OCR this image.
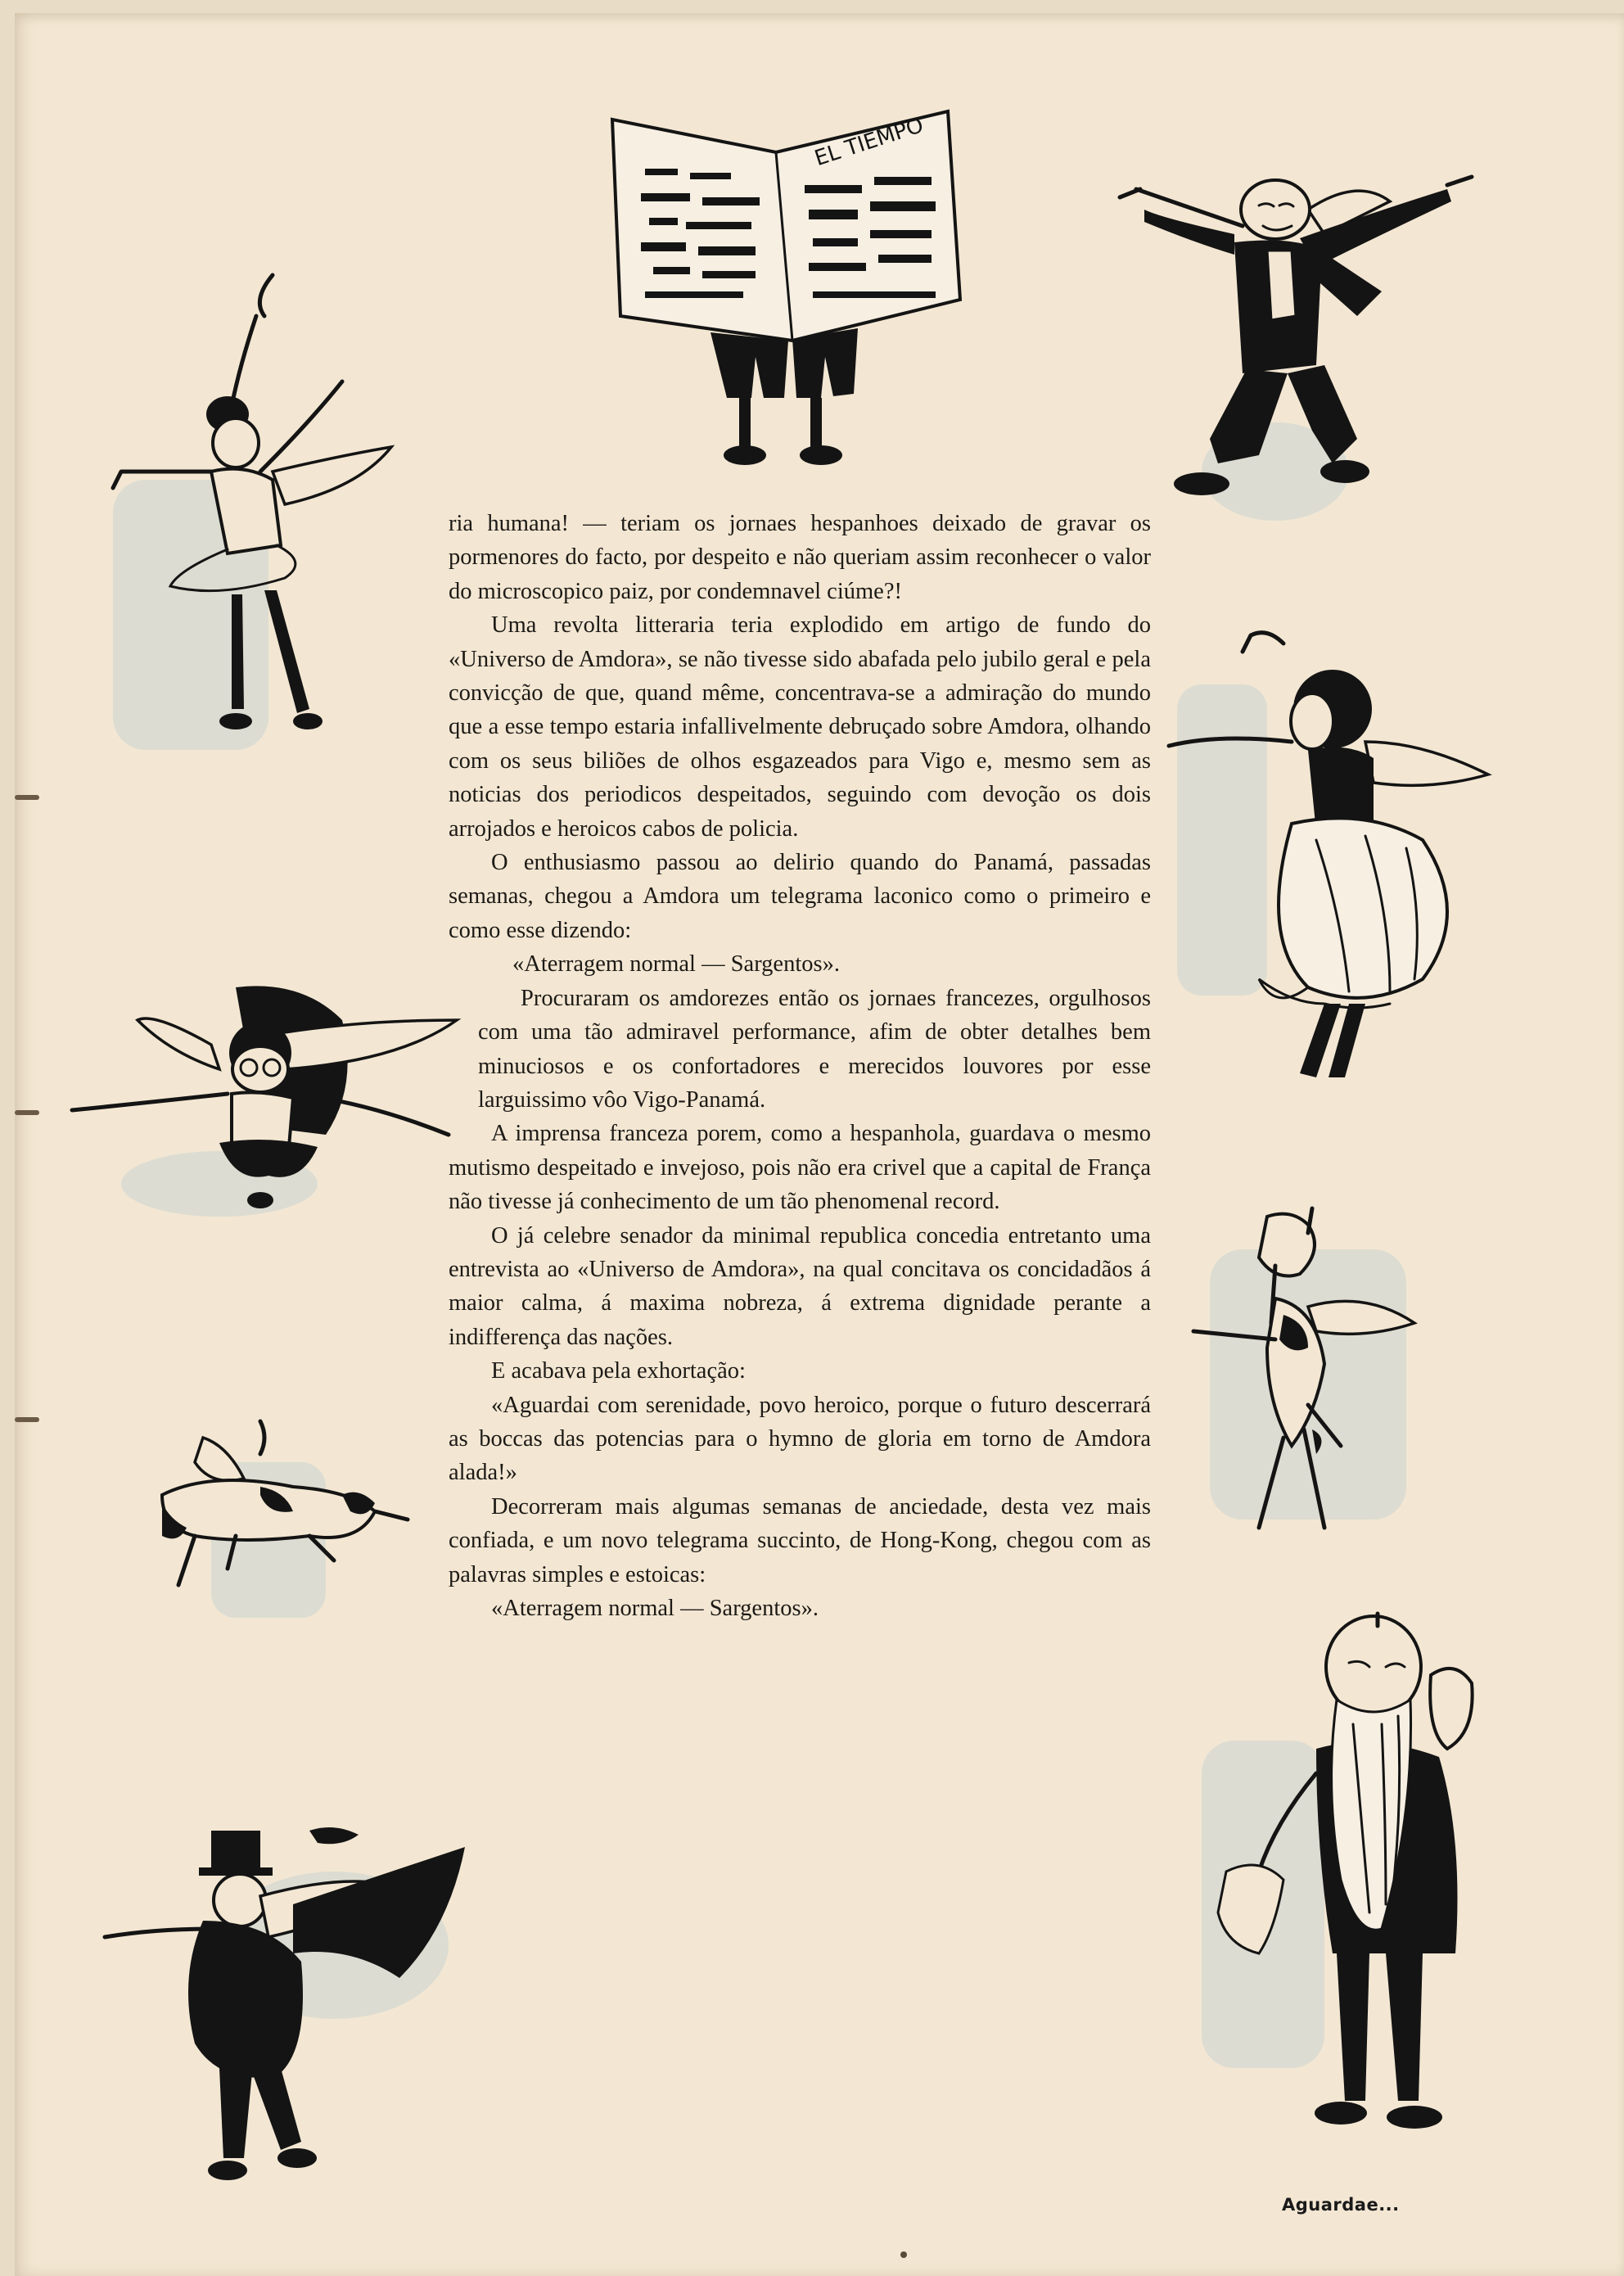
EL TIEMPO

ria humana! — teriam os jornaes hespanhoes deixado de gravar os pormenores do facto, por despeito e não queriam assim reconhecer o valor do microscopico paiz, por condemnavel ciúme?!

Uma revolta litteraria teria explodido em artigo de fundo do «Universo de Amdora», se não tivesse sido abafada pelo jubilo geral e pela convicção de que, quand même, concentrava-se a admiração do mundo que a esse tempo estaria infallivelmente debruçado sobre Amdora, olhando com os seus biliões de olhos esgazeados para Vigo e, mesmo sem as noticias dos periodicos despeitados, seguindo com devoção os dois arrojados e heroicos cabos de policia.

O enthusiasmo passou ao delirio quando do Panamá, passadas semanas, chegou a Amdora um telegrama laconico como o primeiro e como esse dizendo:

«Aterragem normal — Sargentos».

Procuraram os amdorezes então os jornaes francezes, orgulhosos com uma tão admiravel performance, afim de obter detalhes bem minuciosos e os confortadores e merecidos louvores por esse larguissimo vôo Vigo-Panamá.

A imprensa franceza porem, como a hespanhola, guardava o mesmo mutismo despeitado e invejoso, pois não era crivel que a capital de França não tivesse já conhecimento de um tão phenomenal record.

O já celebre senador da minimal republica concedia entretanto uma entrevista ao «Universo de Amdora», na qual concitava os concidadãos á maior calma, á maxima nobreza, á extrema dignidade perante a indifferença das nações.

E acabava pela exhortação:

«Aguardai com serenidade, povo heroico, porque o futuro descerrará as boccas das potencias para o hymno de gloria em torno de Amdora alada!»

Decorreram mais algumas semanas de anciedade, desta vez mais confiada, e um novo telegrama succinto, de Hong-Kong, chegou com as palavras simples e estoicas:

«Aterragem normal — Sargentos».

Aguardae...
